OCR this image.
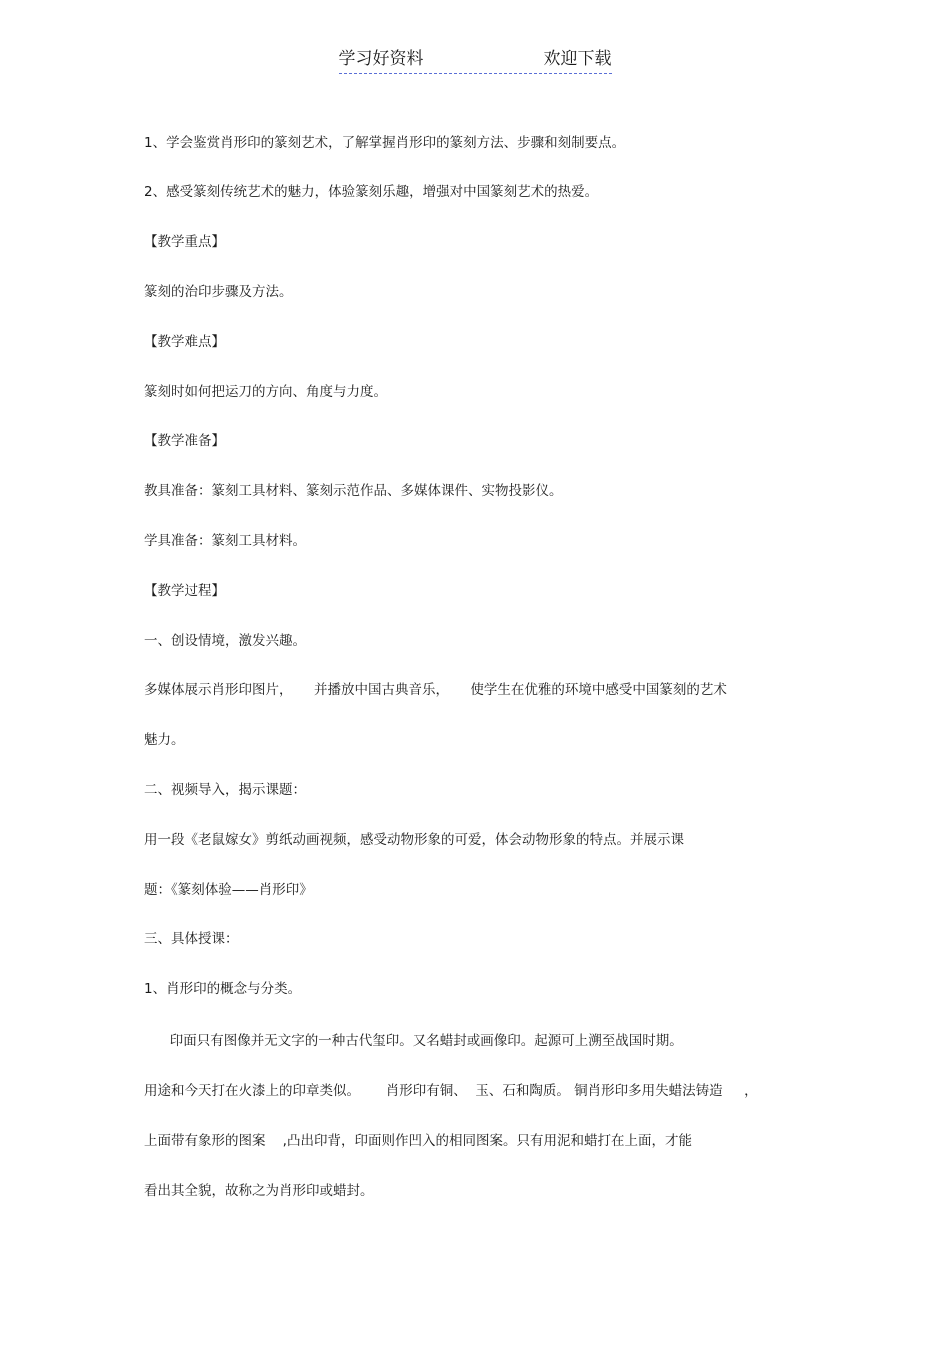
学习好资料	欢迎下载
1、学会鉴赏肖形印的篆刻艺术，了解掌握肖形印的篆刻方法、步骤和刻制要点。
2、感受篆刻传统艺术的魅力，体验篆刻乐趣，增强对中国篆刻艺术的热爱。
【教学重点】
篆刻的治印步骤及方法。
【教学难点】
篆刻时如何把运刀的方向、角度与力度。
【教学准备】
教具准备：篆刻工具材料、篆刻示范作品、多媒体课件、实物投影仪。
学具准备：篆刻工具材料。
【教学过程】
一、创设情境，激发兴趣。
多媒体展示肖形印图片，     并播放中国古典音乐，     使学生在优雅的环境中感受中国篆刻的艺术
魅力。
二、视频导入，揭示课题：
用一段《老鼠嫁女》剪纸动画视频，感受动物形象的可爱，体会动物形象的特点。并展示课
题：《篆刻体验——肖形印》
三、具体授课：
1、肖形印的概念与分类。
印面只有图像并无文字的一种古代玺印。又名蜡封或画像印。起源可上溯至战国时期。
用途和今天打在火漆上的印章类似。      肖形印有铜、  玉、石和陶质。 铜肖形印多用失蜡法铸造     ，
上面带有象形的图案    ,凸出印背，印面则作凹入的相同图案。只有用泥和蜡打在上面，才能
看出其全貌，故称之为肖形印或蜡封。
